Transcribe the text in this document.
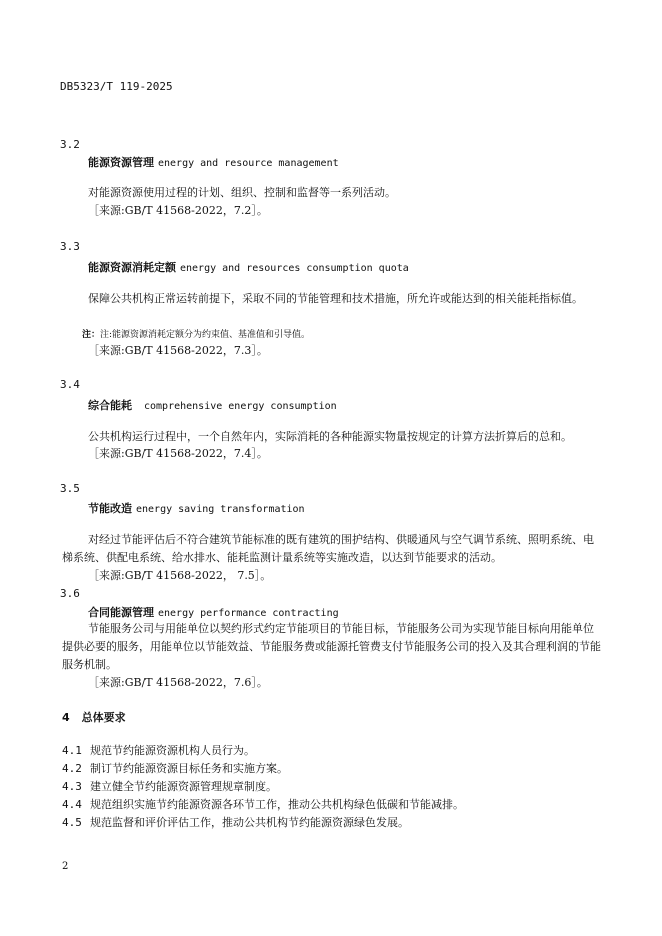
DB5323/T 119-2025
3.2
能源资源管理 energy and resource management
对能源资源使用过程的计划、组织、控制和监督等一系列活动。
［来源:GB/T 41568-2022，7.2］。
3.3
能源资源消耗定额 energy and resources consumption quota
保障公共机构正常运转前提下，采取不同的节能管理和技术措施，所允许或能达到的相关能耗指标值。
注：注:能源资源消耗定额分为约束值、基准值和引导值。
［来源:GB/T 41568-2022，7.3］。
3.4
综合能耗 comprehensive energy consumption
公共机构运行过程中，一个自然年内，实际消耗的各种能源实物量按规定的计算方法折算后的总和。
［来源:GB/T 41568-2022，7.4］。
3.5
节能改造 energy saving transformation
对经过节能评估后不符合建筑节能标准的既有建筑的围护结构、供暖通风与空气调节系统、照明系统、电梯系统、供配电系统、给水排水、能耗监测计量系统等实施改造，以达到节能要求的活动。
［来源:GB/T 41568-2022， 7.5］。
3.6
合同能源管理 energy performance contracting
节能服务公司与用能单位以契约形式约定节能项目的节能目标，节能服务公司为实现节能目标向用能单位提供必要的服务，用能单位以节能效益、节能服务费或能源托管费支付节能服务公司的投入及其合理利润的节能服务机制。
［来源:GB/T 41568-2022，7.6］。
4 总体要求
4.1 规范节约能源资源机构人员行为。
4.2 制订节约能源资源目标任务和实施方案。
4.3 建立健全节约能源资源管理规章制度。
4.4 规范组织实施节约能源资源各环节工作，推动公共机构绿色低碳和节能减排。
4.5 规范监督和评价评估工作，推动公共机构节约能源资源绿色发展。
2
